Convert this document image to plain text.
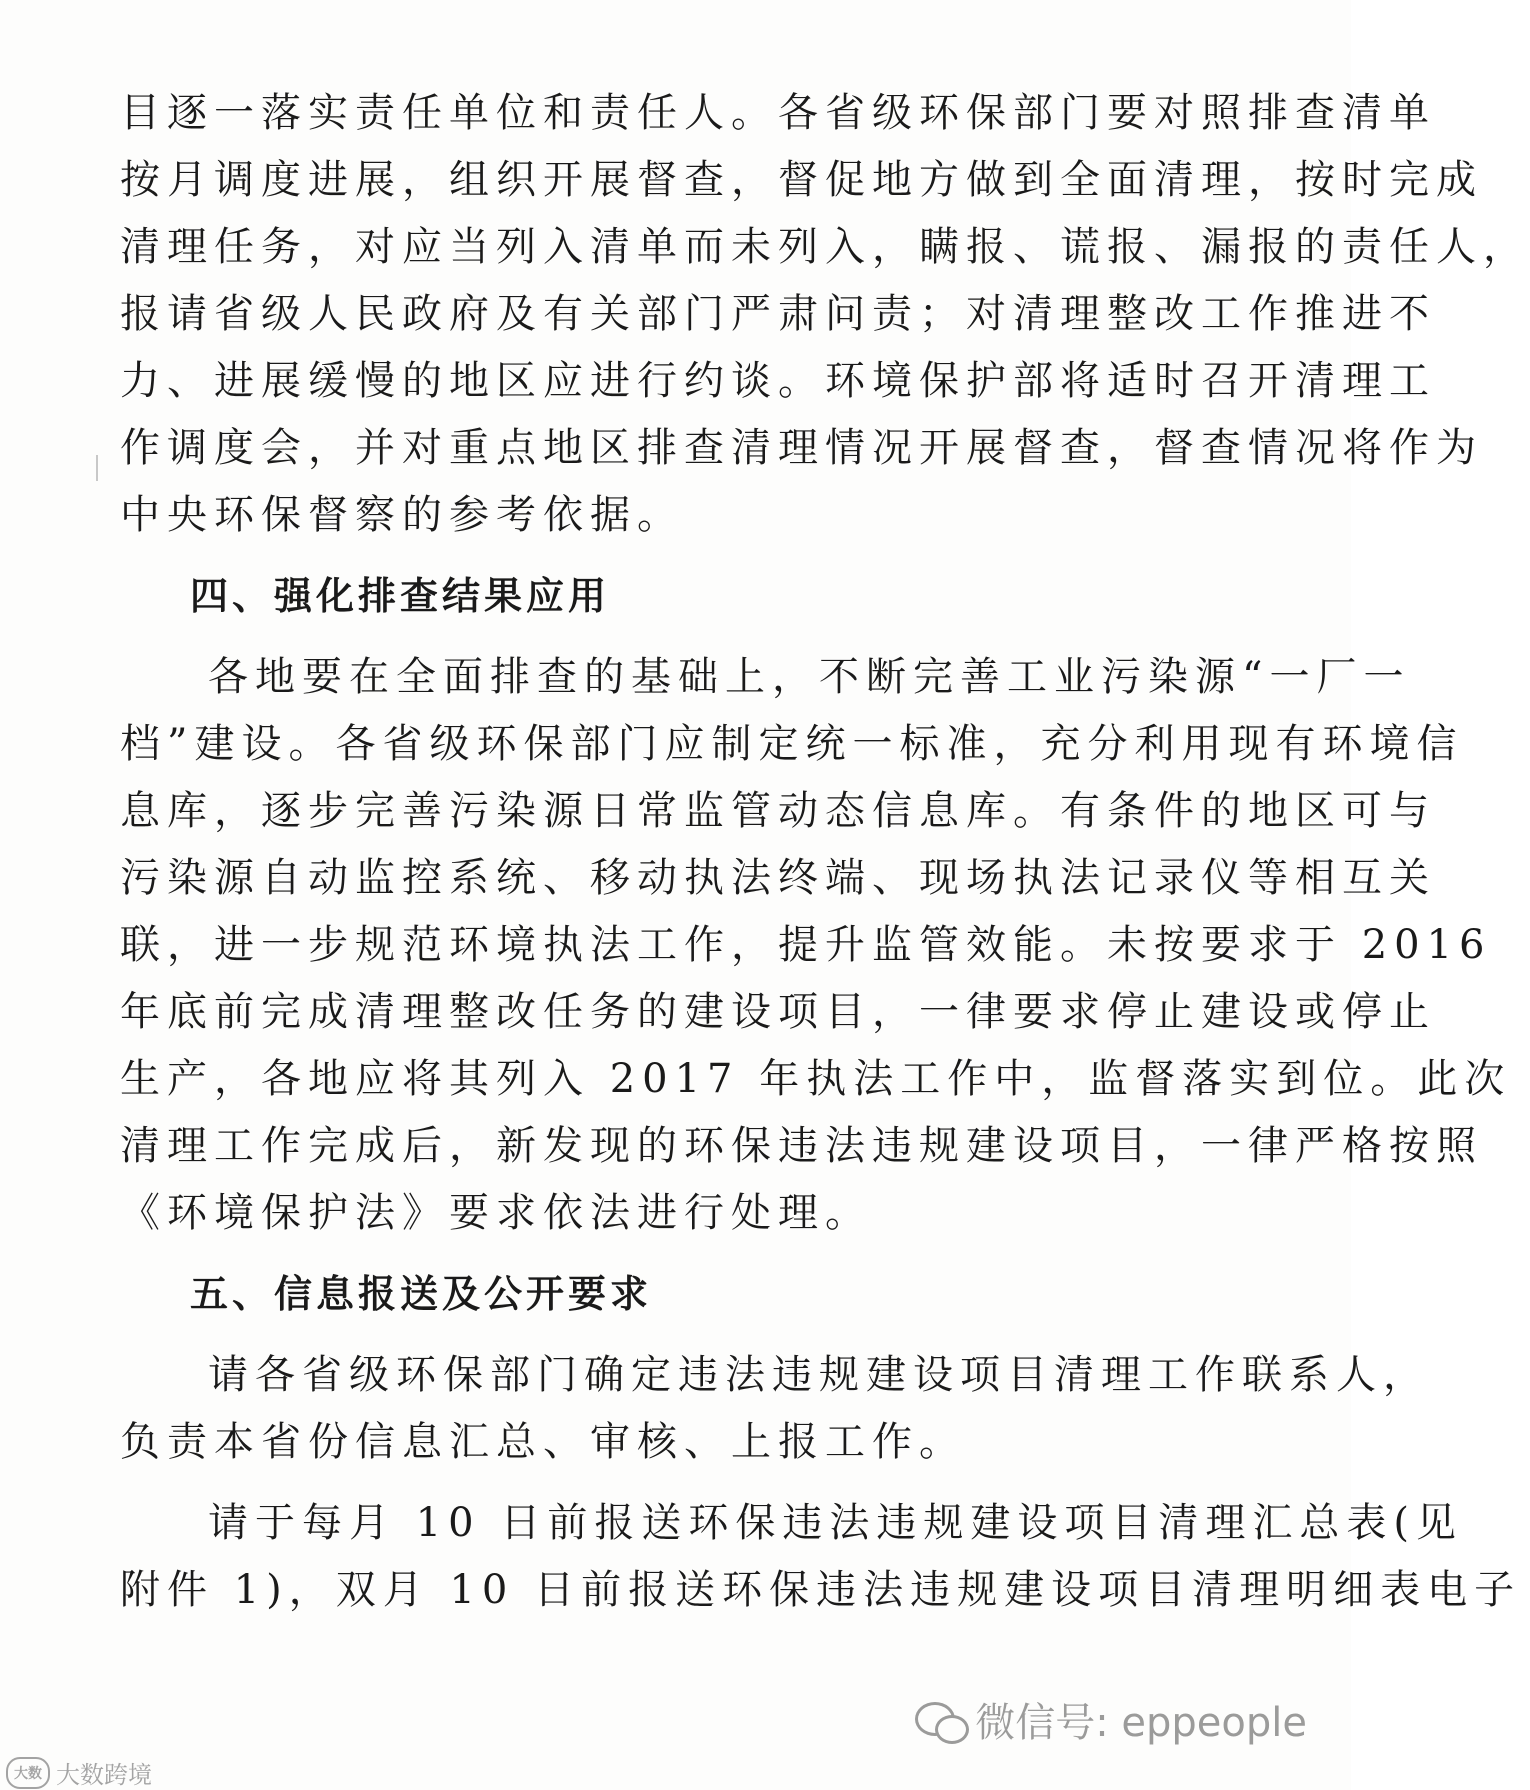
目逐一落实责任单位和责任人。各省级环保部门要对照排查清单
按月调度进展，组织开展督查，督促地方做到全面清理，按时完成
清理任务，对应当列入清单而未列入，瞒报、谎报、漏报的责任人，
报请省级人民政府及有关部门严肃问责；对清理整改工作推进不
力、进展缓慢的地区应进行约谈。环境保护部将适时召开清理工
作调度会，并对重点地区排查清理情况开展督查，督查情况将作为
中央环保督察的参考依据。
四、强化排查结果应用
各地要在全面排查的基础上，不断完善工业污染源“一厂一
档”建设。各省级环保部门应制定统一标准，充分利用现有环境信
息库，逐步完善污染源日常监管动态信息库。有条件的地区可与
污染源自动监控系统、移动执法终端、现场执法记录仪等相互关
联，进一步规范环境执法工作，提升监管效能。未按要求于 2016
年底前完成清理整改任务的建设项目，一律要求停止建设或停止
生产，各地应将其列入 2017 年执法工作中，监督落实到位。此次
清理工作完成后，新发现的环保违法违规建设项目，一律严格按照
《环境保护法》要求依法进行处理。
五、信息报送及公开要求
请各省级环保部门确定违法违规建设项目清理工作联系人，
负责本省份信息汇总、审核、上报工作。
请于每月 10 日前报送环保违法违规建设项目清理汇总表(见
附件 1)，双月 10 日前报送环保违法违规建设项目清理明细表电子
微信号: eppeople
大数 大数跨境
